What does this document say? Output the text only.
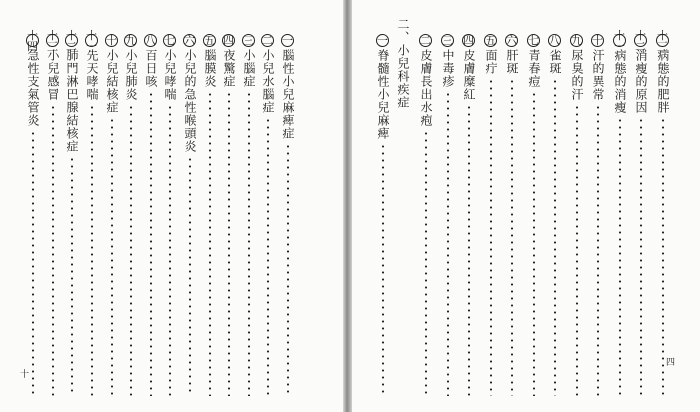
十
四
一
腦性小兒麻痺症
二
小兒水腦症
三
小腦症
四
夜驚症
五
腦膜炎
六
小兒的急性喉頭炎
七
小兒哮喘
八
百日咳
九
小兒肺炎
十
小兒結核症
十一
先天哮喘
十二
肺門淋巴腺結核症
十三
小兒感冒
十四
急性支氣管炎	二、小兒科疾症
一
脊髓性小兒麻痺
二
皮膚長出水疱
三
中毒疹
四
皮膚糜紅
五
面疔
六
肝斑
七
青春痘
八
雀斑
九
尿臭的汗
十
汗的異常
十一
病態的消瘦
十二
消瘦的原因
十三
病態的肥胖
